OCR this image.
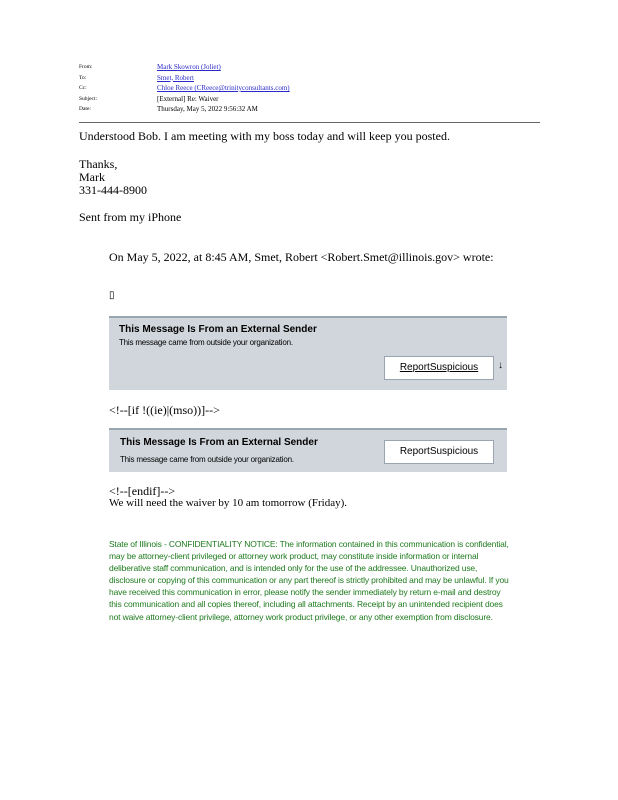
From:	Mark Skowron (Joliet)
To:	Smet, Robert
Cc:	Chloe Reece (CReece@trinityconsultants.com)
Subject:	[External] Re: Waiver
Date:	Thursday, May 5, 2022 9:56:32 AM
Understood Bob. I am meeting with my boss today and will keep you posted.
Thanks,
Mark
331-444-8900
Sent from my iPhone
On May 5, 2022, at 8:45 AM, Smet, Robert <Robert.Smet@illinois.gov> wrote:
▯
This Message Is From an External Sender
This message came from outside your organization.
ReportSuspicious	↓
<!--[if !((ie)|(mso))]-->
This Message Is From an External Sender
This message came from outside your organization.
ReportSuspicious
<!--[endif]-->
We will need the waiver by 10 am tomorrow (Friday).
State of Illinois - CONFIDENTIALITY NOTICE: The information contained in this communication is confidential, may be attorney-client privileged or attorney work product, may constitute inside information or internal deliberative staff communication, and is intended only for the use of the addressee. Unauthorized use, disclosure or copying of this communication or any part thereof is strictly prohibited and may be unlawful. If you have received this communication in error, please notify the sender immediately by return e-mail and destroy this communication and all copies thereof, including all attachments. Receipt by an unintended recipient does not waive attorney-client privilege, attorney work product privilege, or any other exemption from disclosure.
